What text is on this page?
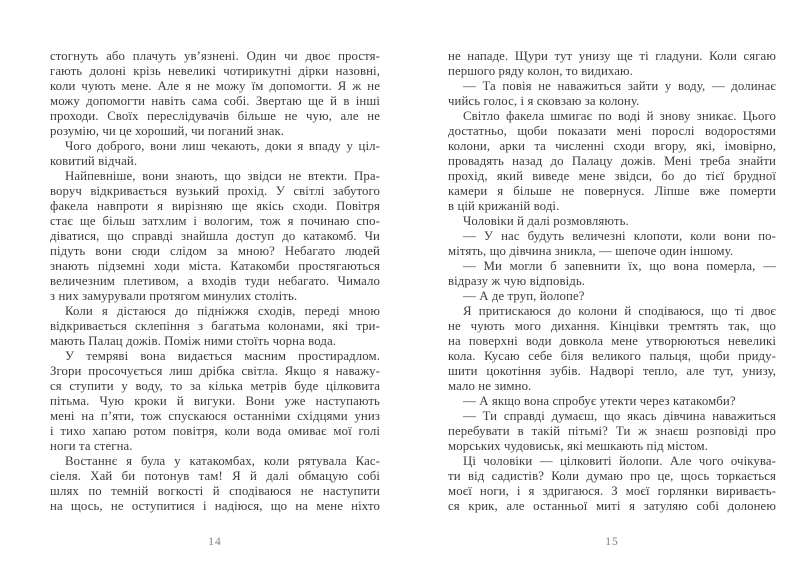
стогнуть або плачуть ув’язнені. Один чи двоє простя-
гають долоні крізь невеликі чотирикутні дірки назовні,
коли чують мене. Але я не можу їм допомогти. Я ж не
можу допомогти навіть сама собі. Звертаю ще й в інші
проходи. Своїх переслідувачів більше не чую, але не
розумію, чи це хороший, чи поганий знак.

Чого доброго, вони лиш чекають, доки я впаду у ціл-
ковитий відчай.

Найпевніше, вони знають, що звідси не втекти. Пра-
воруч відкривається вузький прохід. У світлі забутого
факела навпроти я вирізняю ще якісь сходи. Повітря
стає ще більш затхлим і вологим, тож я починаю спо-
діватися, що справді знайшла доступ до катакомб. Чи
підуть вони сюди слідом за мною? Небагато людей
знають підземні ходи міста. Катакомби простягаються
величезним плетивом, а входів туди небагато. Чимало
з них замурували протягом минулих століть.

Коли я дістаюся до підніжжя сходів, переді мною
відкривається склепіння з багатьма колонами, які три-
мають Палац дожів. Поміж ними стоїть чорна вода.

У темряві вона видається масним простирадлом.
Згори просочується лиш дрібка світла. Якщо я наважу-
ся ступити у воду, то за кілька метрів буде цілковита
пітьма. Чую кроки й вигуки. Вони уже наступають
мені на п’яти, тож спускаюся останніми східцями униз
і тихо хапаю ротом повітря, коли вода омиває мої голі
ноги та стегна.

Востаннє я була у катакомбах, коли рятувала Кас-
сіеля. Хай би потонув там! Я й далі обмацую собі
шлях по темній вогкості й сподіваюся не наступити
на щось, не оступитися і надіюся, що на мене ніхто

не нападе. Щури тут унизу ще ті гладуни. Коли сягаю
першого ряду колон, то видихаю.

— Та повія не наважиться зайти у воду, — долинає
чийсь голос, і я сковзаю за колону.

Світло факела шмигає по воді й знову зникає. Цього
достатньо, щоби показати мені порослі водоростями
колони, арки та численні сходи вгору, які, імовірно,
провадять назад до Палацу дожів. Мені треба знайти
прохід, який виведе мене звідси, бо до тієї брудної
камери я більше не повернуся. Ліпше вже померти
в цій крижаній воді.

Чоловіки й далі розмовляють.

— У нас будуть величезні клопоти, коли вони по-
мітять, що дівчина зникла, — шепоче один іншому.

— Ми могли б запевнити їх, що вона померла, —
відразу ж чую відповідь.

— А де труп, йолопе?

Я притискаюся до колони й сподіваюся, що ті двоє
не чують мого дихання. Кінцівки тремтять так, що
на поверхні води довкола мене утворюються невеликі
кола. Кусаю себе біля великого пальця, щоби приду-
шити цокотіння зубів. Надворі тепло, але тут, унизу,
мало не зимно.

— А якщо вона спробує утекти через катакомби?

— Ти справді думаєш, що якась дівчина наважиться
перебувати в такій пітьмі? Ти ж знаєш розповіді про
морських чудовиськ, які мешкають під містом.

Ці чоловіки — цілковиті йолопи. Але чого очікува-
ти від садистів? Коли думаю про це, щось торкається
моєї ноги, і я здригаюся. З моєї горлянки вириваєть-
ся крик, але останньої миті я затуляю собі долонею

14	15
